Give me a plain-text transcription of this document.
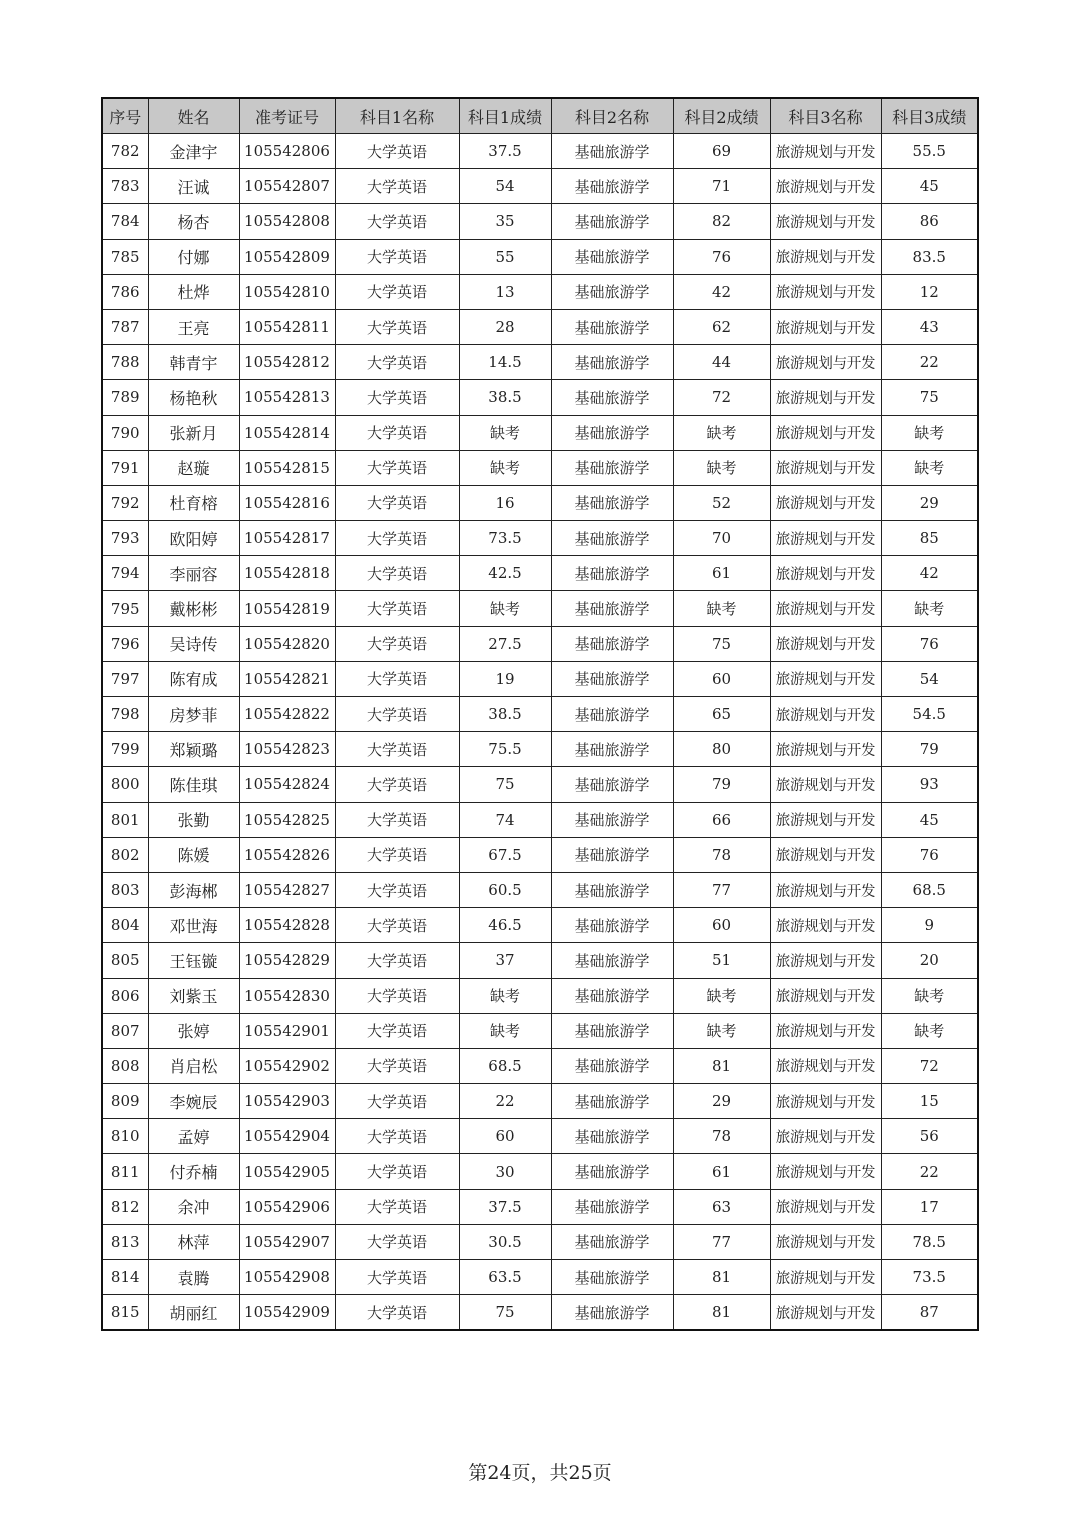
序号	姓名	准考证号	科目1名称	科目1成绩	科目2名称	科目2成绩	科目3名称	科目3成绩
782	金津宇	105542806	大学英语	37.5	基础旅游学	69	旅游规划与开发	55.5
783	汪诚	105542807	大学英语	54	基础旅游学	71	旅游规划与开发	45
784	杨杏	105542808	大学英语	35	基础旅游学	82	旅游规划与开发	86
785	付娜	105542809	大学英语	55	基础旅游学	76	旅游规划与开发	83.5
786	杜烨	105542810	大学英语	13	基础旅游学	42	旅游规划与开发	12
787	王亮	105542811	大学英语	28	基础旅游学	62	旅游规划与开发	43
788	韩青宇	105542812	大学英语	14.5	基础旅游学	44	旅游规划与开发	22
789	杨艳秋	105542813	大学英语	38.5	基础旅游学	72	旅游规划与开发	75
790	张新月	105542814	大学英语	缺考	基础旅游学	缺考	旅游规划与开发	缺考
791	赵璇	105542815	大学英语	缺考	基础旅游学	缺考	旅游规划与开发	缺考
792	杜育榕	105542816	大学英语	16	基础旅游学	52	旅游规划与开发	29
793	欧阳婷	105542817	大学英语	73.5	基础旅游学	70	旅游规划与开发	85
794	李丽容	105542818	大学英语	42.5	基础旅游学	61	旅游规划与开发	42
795	戴彬彬	105542819	大学英语	缺考	基础旅游学	缺考	旅游规划与开发	缺考
796	吴诗传	105542820	大学英语	27.5	基础旅游学	75	旅游规划与开发	76
797	陈宥成	105542821	大学英语	19	基础旅游学	60	旅游规划与开发	54
798	房梦菲	105542822	大学英语	38.5	基础旅游学	65	旅游规划与开发	54.5
799	郑颖璐	105542823	大学英语	75.5	基础旅游学	80	旅游规划与开发	79
800	陈佳琪	105542824	大学英语	75	基础旅游学	79	旅游规划与开发	93
801	张勤	105542825	大学英语	74	基础旅游学	66	旅游规划与开发	45
802	陈媛	105542826	大学英语	67.5	基础旅游学	78	旅游规划与开发	76
803	彭海郴	105542827	大学英语	60.5	基础旅游学	77	旅游规划与开发	68.5
804	邓世海	105542828	大学英语	46.5	基础旅游学	60	旅游规划与开发	9
805	王钰镟	105542829	大学英语	37	基础旅游学	51	旅游规划与开发	20
806	刘紫玉	105542830	大学英语	缺考	基础旅游学	缺考	旅游规划与开发	缺考
807	张婷	105542901	大学英语	缺考	基础旅游学	缺考	旅游规划与开发	缺考
808	肖启松	105542902	大学英语	68.5	基础旅游学	81	旅游规划与开发	72
809	李婉辰	105542903	大学英语	22	基础旅游学	29	旅游规划与开发	15
810	孟婷	105542904	大学英语	60	基础旅游学	78	旅游规划与开发	56
811	付乔楠	105542905	大学英语	30	基础旅游学	61	旅游规划与开发	22
812	余冲	105542906	大学英语	37.5	基础旅游学	63	旅游规划与开发	17
813	林萍	105542907	大学英语	30.5	基础旅游学	77	旅游规划与开发	78.5
814	袁腾	105542908	大学英语	63.5	基础旅游学	81	旅游规划与开发	73.5
815	胡丽红	105542909	大学英语	75	基础旅游学	81	旅游规划与开发	87
第24页，共25页
